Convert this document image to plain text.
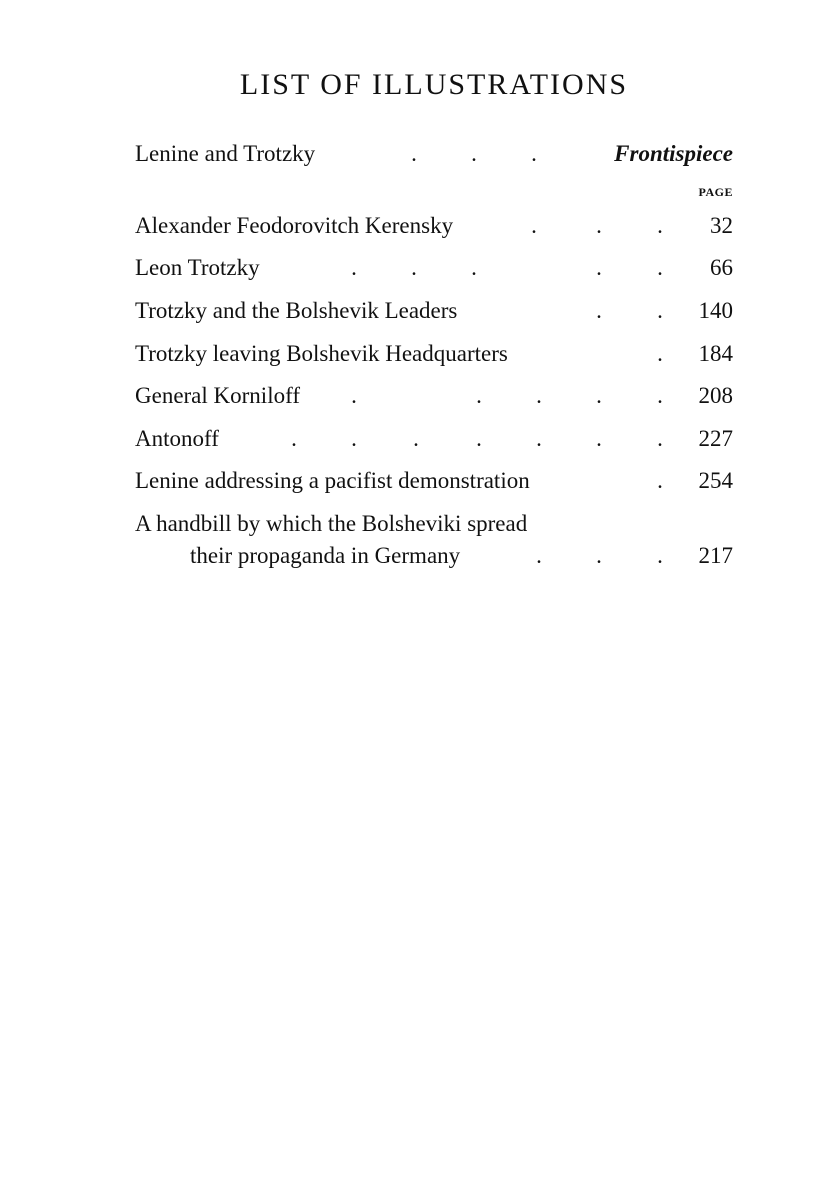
LIST OF ILLUSTRATIONS
. . .
Lenine and Trotzky	Frontispiece
PAGE
.	. .
Alexander Feodorovitch Kerensky	32
. . .	. .
Leon Trotzky	66
. .
Trotzky and the Bolshevik Leaders	140
.
Trotzky leaving Bolshevik Headquarters	184
.	. . . .
General Korniloff	208
. . . . . . .
Antonoff	227
.
Lenine addressing a pacifist demonstration	254
A handbill by which the Bolsheviki spread
. . .
their propaganda in Germany	217
